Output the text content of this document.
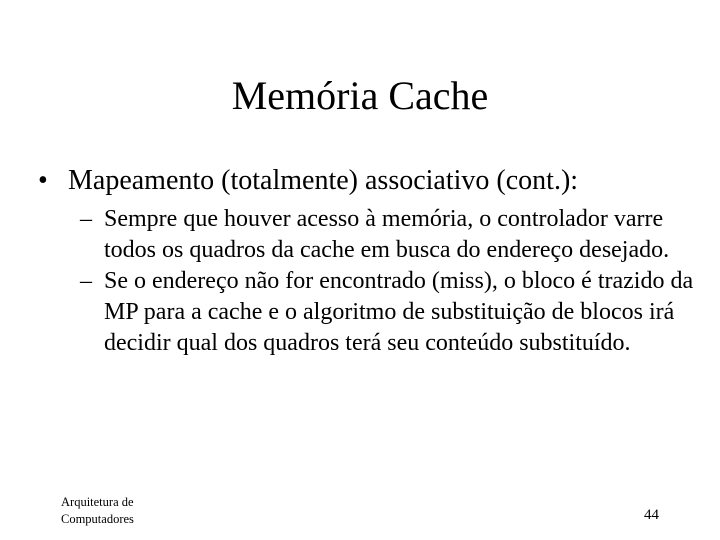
Memória Cache
• Mapeamento (totalmente) associativo (cont.):
– Sempre que houver acesso à memória, o controlador varre todos os quadros da cache em busca do endereço desejado.
– Se o endereço não for encontrado (miss), o bloco é trazido da MP para a cache e o algoritmo de substituição de blocos irá decidir qual dos quadros terá seu conteúdo substituído.
Arquitetura de
Computadores	44
